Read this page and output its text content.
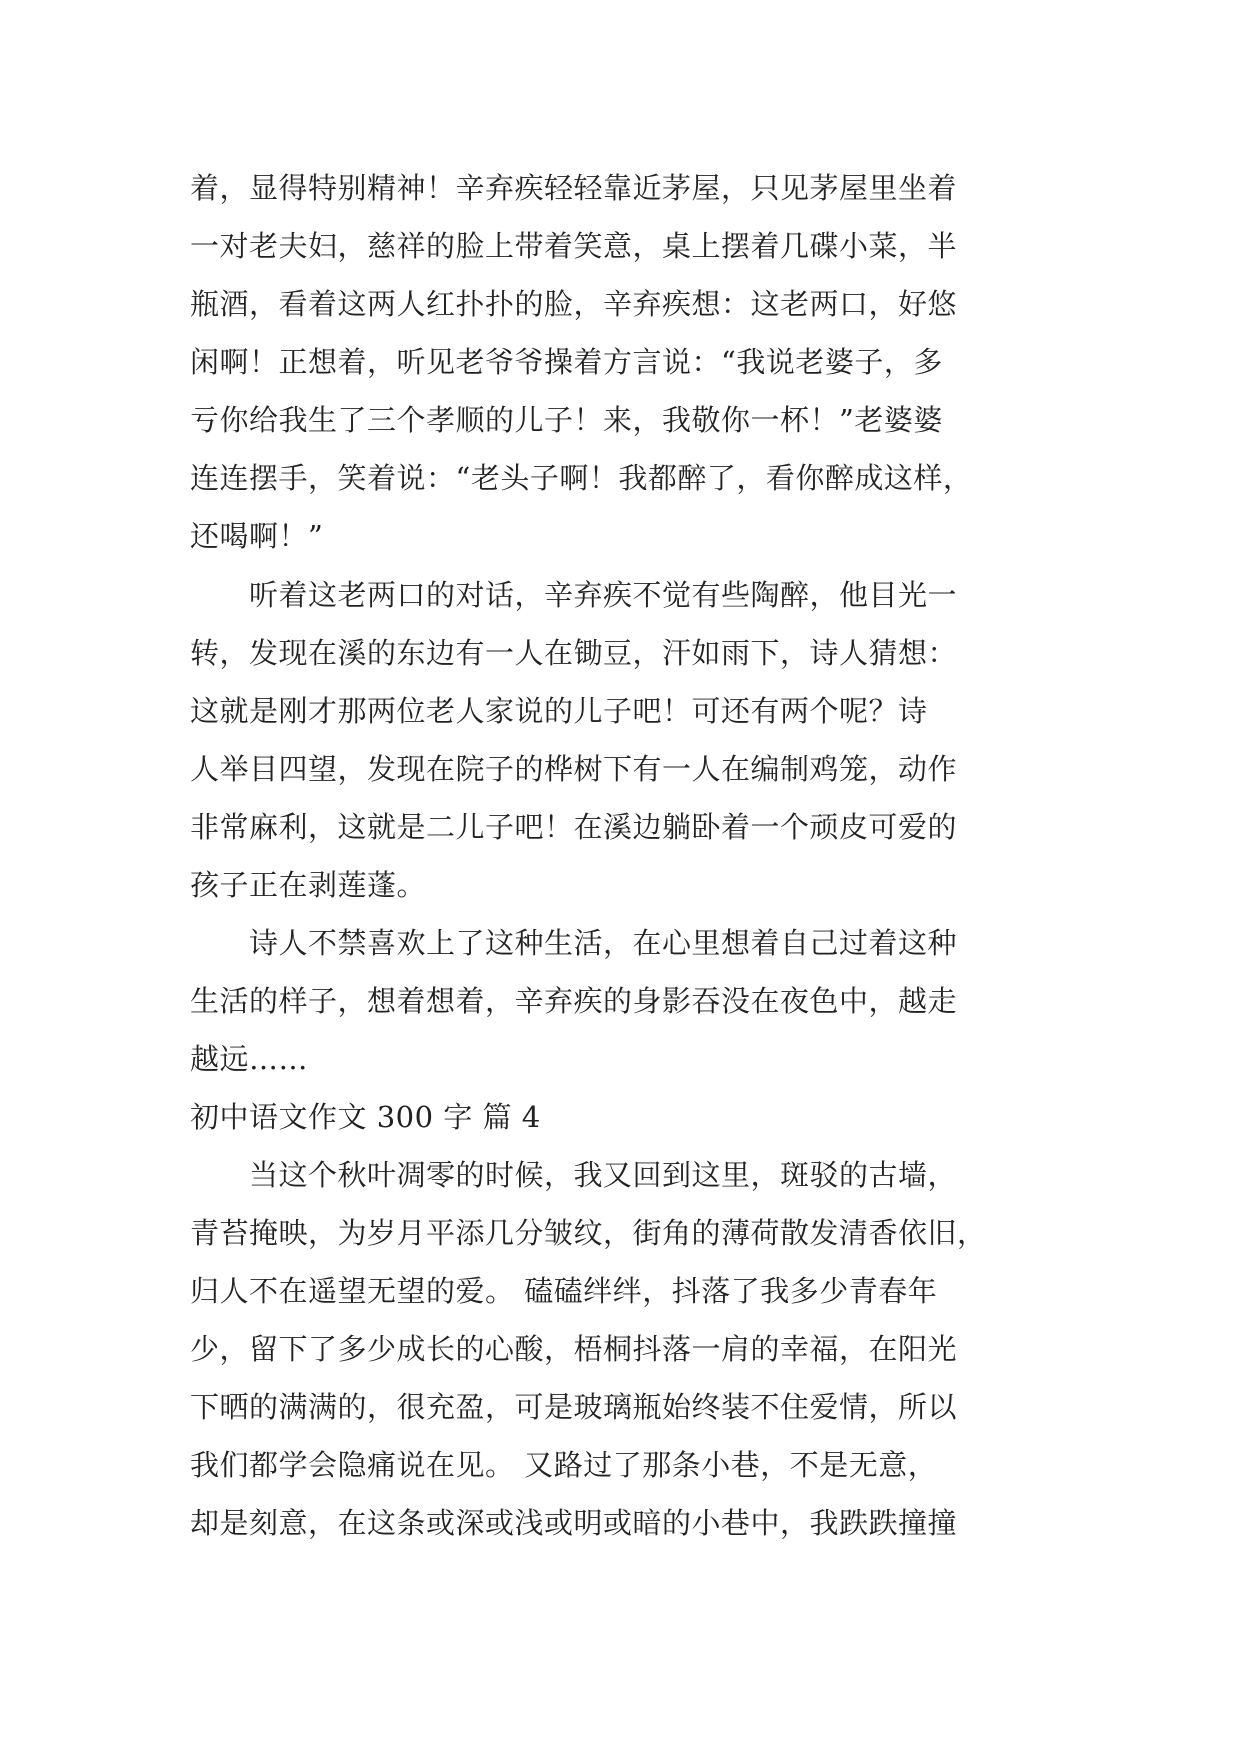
着，显得特别精神！辛弃疾轻轻靠近茅屋，只见茅屋里坐着
一对老夫妇，慈祥的脸上带着笑意，桌上摆着几碟小菜，半
瓶酒，看着这两人红扑扑的脸，辛弃疾想：这老两口，好悠
闲啊！正想着，听见老爷爷操着方言说：“我说老婆子，多
亏你给我生了三个孝顺的儿子！来，我敬你一杯！”老婆婆
连连摆手，笑着说：“老头子啊！我都醉了，看你醉成这样，
还喝啊！”
　　听着这老两口的对话，辛弃疾不觉有些陶醉，他目光一
转，发现在溪的东边有一人在锄豆，汗如雨下，诗人猜想：
这就是刚才那两位老人家说的儿子吧！可还有两个呢？诗
人举目四望，发现在院子的桦树下有一人在编制鸡笼，动作
非常麻利，这就是二儿子吧！在溪边躺卧着一个顽皮可爱的
孩子正在剥莲蓬。
　　诗人不禁喜欢上了这种生活，在心里想着自己过着这种
生活的样子，想着想着，辛弃疾的身影吞没在夜色中，越走
越远……
初中语文作文 300 字 篇 4
　　当这个秋叶凋零的时候，我又回到这里，斑驳的古墙，
青苔掩映，为岁月平添几分皱纹，街角的薄荷散发清香依旧，
归人不在遥望无望的爱。 磕磕绊绊，抖落了我多少青春年
少，留下了多少成长的心酸，梧桐抖落一肩的幸福，在阳光
下晒的满满的，很充盈，可是玻璃瓶始终装不住爱情，所以
我们都学会隐痛说在见。 又路过了那条小巷，不是无意，
却是刻意，在这条或深或浅或明或暗的小巷中，我跌跌撞撞
